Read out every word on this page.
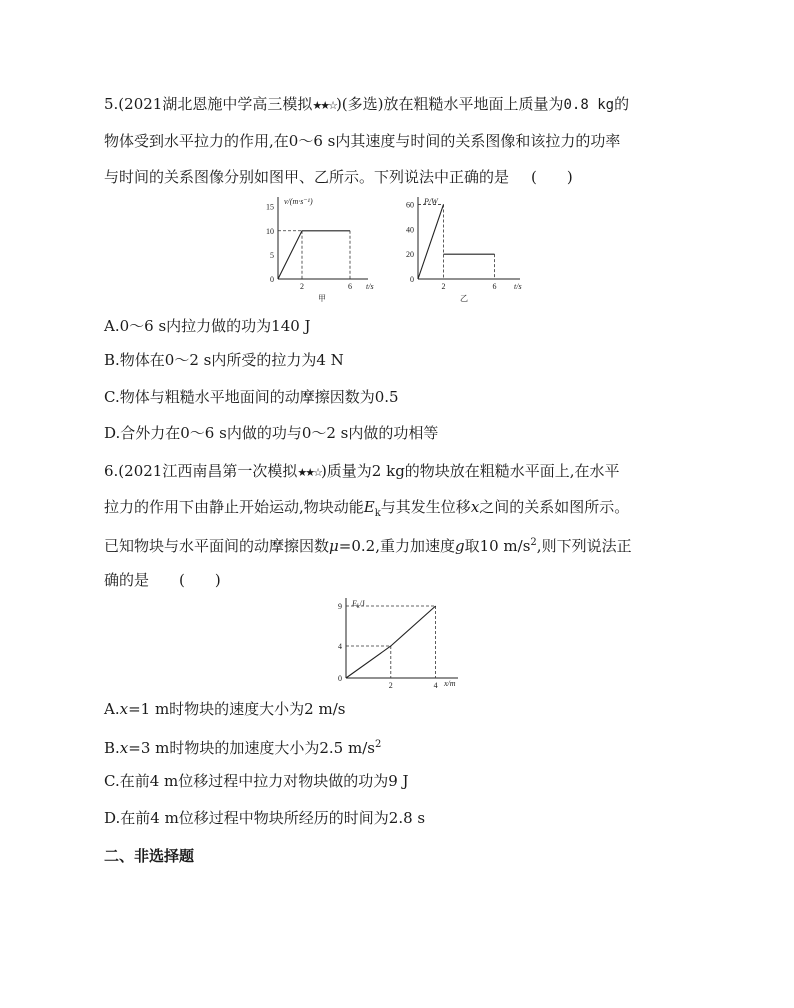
5.(2021湖北恩施中学高三模拟★★☆)(多选)放在粗糙水平地面上质量为0.8 kg的
物体受到水平拉力的作用,在0～6 s内其速度与时间的关系图像和该拉力的功率
与时间的关系图像分别如图甲、乙所示。下列说法中正确的是 (　　)
v/(m·s⁻¹)
t/s
甲
5
10
15
0
2	6
P/W
t/s
乙
20
40
60
0
2	6
A.0～6 s内拉力做的功为140 J
B.物体在0～2 s内所受的拉力为4 N
C.物体与粗糙水平地面间的动摩擦因数为0.5
D.合外力在0～6 s内做的功与0～2 s内做的功相等
6.(2021江西南昌第一次模拟★★☆)质量为2 kg的物块放在粗糙水平面上,在水平
拉力的作用下由静止开始运动,物块动能$E_k$与其发生位移x之间的关系如图所示。
已知物块与水平面间的动摩擦因数μ=0.2,重力加速度g取10 $m/s^2$,则下列说法正
确的是 (　　)
$E_k/J$
x/m
4
9
0
2	4
A.x=1 m时物块的速度大小为2 m/s
B.x=3 m时物块的加速度大小为2.5 $m/s^2$
C.在前4 m位移过程中拉力对物块做的功为9 J
D.在前4 m位移过程中物块所经历的时间为2.8 s
二、非选择题
